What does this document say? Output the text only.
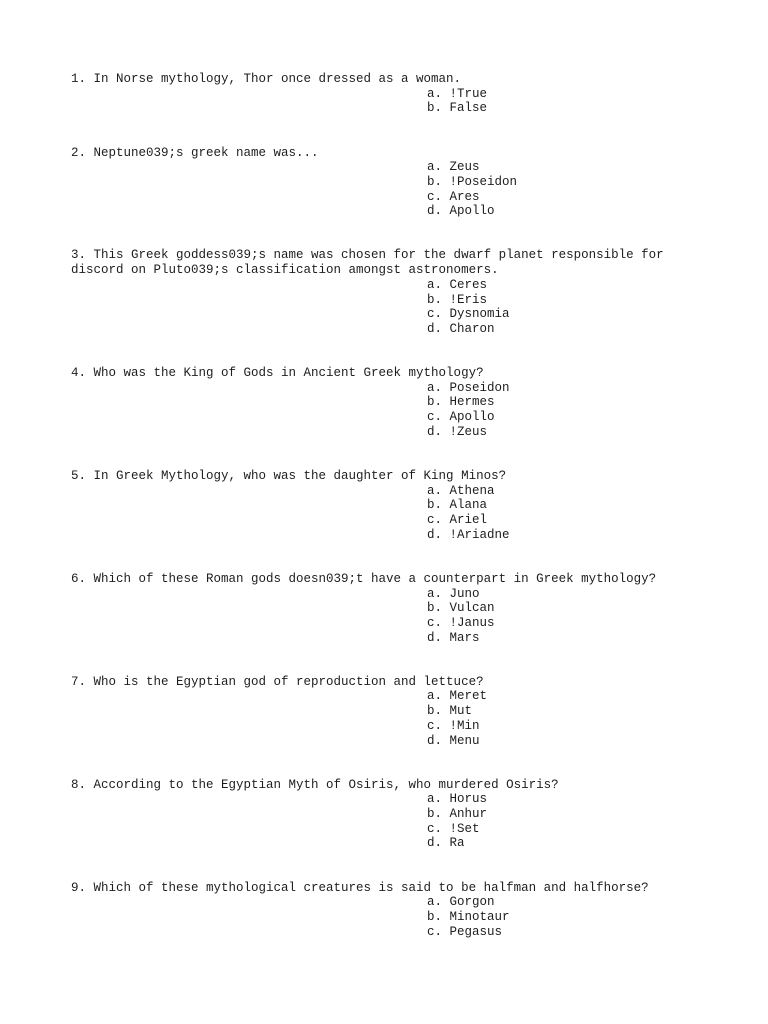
1. In Norse mythology, Thor once dressed as a woman.
a. !True
b. False
2. Neptune039;s greek name was...
a. Zeus
b. !Poseidon
c. Ares
d. Apollo
3. This Greek goddess039;s name was chosen for the dwarf planet responsible for discord on Pluto039;s classification amongst astronomers.
a. Ceres
b. !Eris
c. Dysnomia
d. Charon
4. Who was the King of Gods in Ancient Greek mythology?
a. Poseidon
b. Hermes
c. Apollo
d. !Zeus
5. In Greek Mythology, who was the daughter of King Minos?
a. Athena
b. Alana
c. Ariel
d. !Ariadne
6. Which of these Roman gods doesn039;t have a counterpart in Greek mythology?
a. Juno
b. Vulcan
c. !Janus
d. Mars
7. Who is the Egyptian god of reproduction and lettuce?
a. Meret
b. Mut
c. !Min
d. Menu
8. According to the Egyptian Myth of Osiris, who murdered Osiris?
a. Horus
b. Anhur
c. !Set
d. Ra
9. Which of these mythological creatures is said to be halfman and halfhorse?
a. Gorgon
b. Minotaur
c. Pegasus
